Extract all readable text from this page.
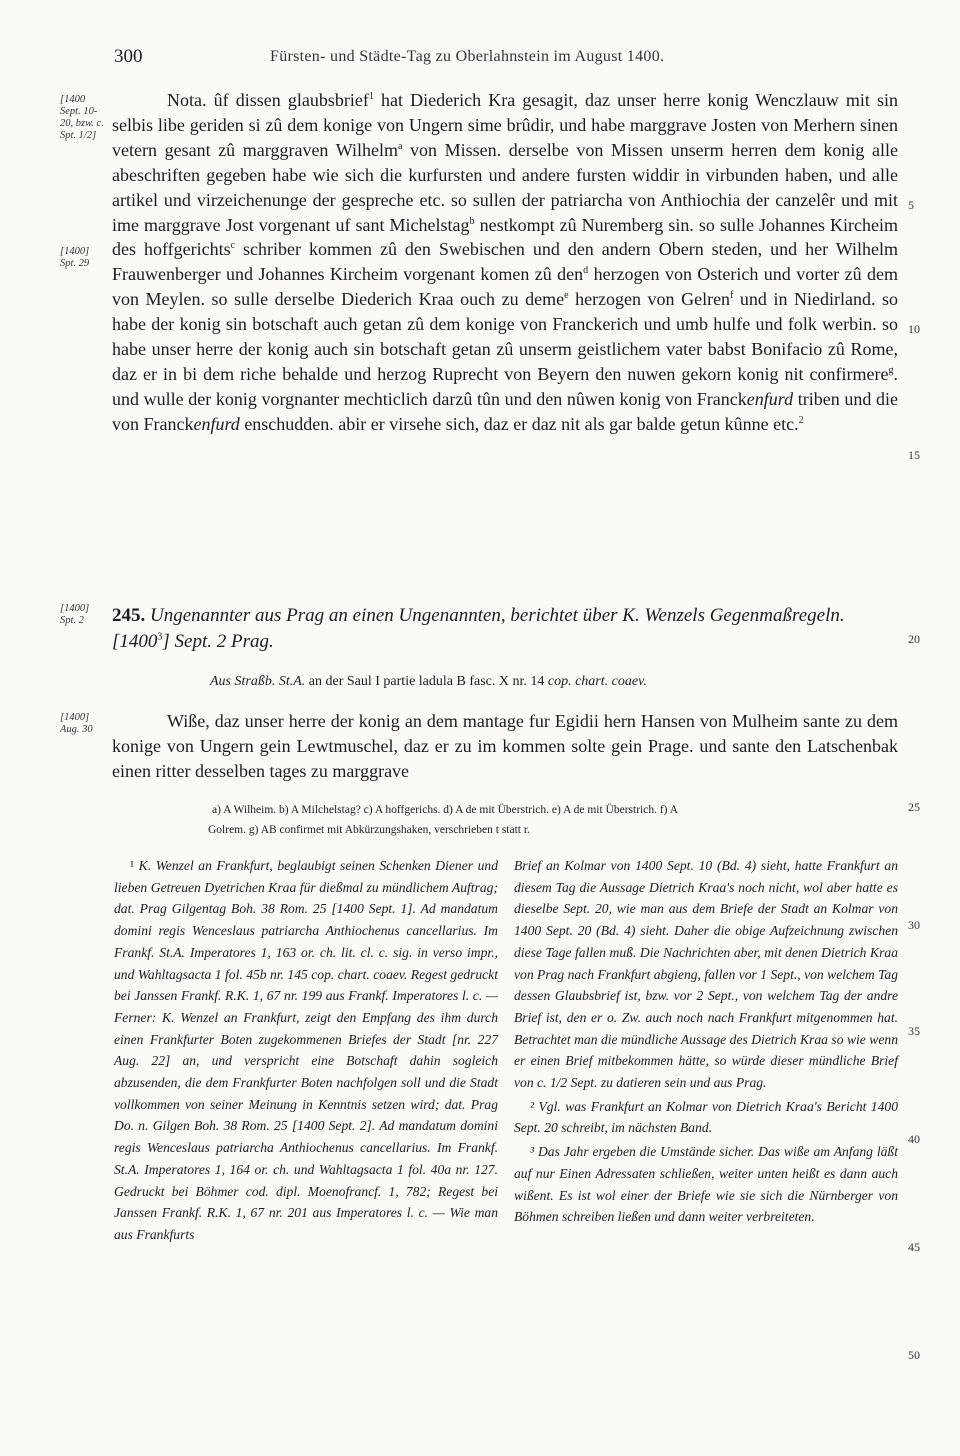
300	Fürsten- und Städte-Tag zu Oberlahnstein im August 1400.
[1400 Sept. 10-20, bzw. c. Spt. 1/2]
[1400] Spt. 29
[1400] Spt. 2
[1400] Aug. 30
5
10
15
20
25
30
35
40
45
50

Nota. ûf dissen glaubsbrief$^1$ hat Diederich Kra gesagit, daz unser herre konig Wenczlauw mit sin selbis libe geriden si zû dem konige von Ungern sime brûdir, und habe marggrave Josten von Merhern sinen vetern gesant zû marggraven Wilhelm$^a$ von Missen. derselbe von Missen unserm herren dem konig alle abeschriften gegeben habe wie sich die kurfursten und andere fursten widdir in virbunden haben, und alle artikel und virzeichenunge der gespreche etc. so sullen der patriarcha von Anthiochia der canzelêr und mit ime marggrave Jost vorgenant uf sant Michelstag$^b$ nestkompt zû Nuremberg sin. so sulle Johannes Kircheim des hoffgerichts$^c$ schriber kommen zû den Swebischen und den andern Obern steden, und her Wilhelm Frauwenberger und Johannes Kircheim vorgenant komen zû den$^d$ herzogen von Osterich und vorter zû dem von Meylen. so sulle derselbe Diederich Kraa ouch zu deme$^e$ herzogen von Gelren$^f$ und in Niedirland. so habe der konig sin botschaft auch getan zû dem konige von Franckerich und umb hulfe und folk werbin. so habe unser herre der konig auch sin botschaft getan zû unserm geistlichem vater babst Bonifacio zû Rome, daz er in bi dem riche behalde und herzog Ruprecht von Beyern den nuwen gekorn konig nit confirmere$^g$. und wulle der konig vorgnanter mechticlich darzû tûn und den nûwen konig von Franckenfurd triben und die von Franckenfurd enschudden. abir er virsehe sich, daz er daz nit als gar balde getun kûnne etc.$^2$

245. Ungenannter aus Prag an einen Ungenannten, berichtet über K. Wenzels Gegenmaßregeln. [1400$^3$] Sept. 2 Prag.
Aus Straßb. St.A. an der Saul I partie ladula B fasc. X nr. 14 cop. chart. coaev.

Wiße, daz unser herre der konig an dem mantage fur Egidii hern Hansen von Mulheim sante zu dem konige von Ungern gein Lewtmuschel, daz er zu im kommen solte gein Prage. und sante den Latschenbak einen ritter desselben tages zu marggrave

a) A Wilheim. b) A Milchelstag? c) A hoffgerichs. d) A de mit Überstrich. e) A de mit Überstrich. f) A
Golrem. g) AB confirmet mit Abkürzungshaken, verschrieben t statt r.

¹ K. Wenzel an Frankfurt, beglaubigt seinen Schenken Diener und lieben Getreuen Dyetrichen Kraa für dießmal zu mündlichem Auftrag; dat. Prag Gilgentag Boh. 38 Rom. 25 [1400 Sept. 1]. Ad mandatum domini regis Wenceslaus patriarcha Anthiochenus cancellarius. Im Frankf. St.A. Imperatores 1, 163 or. ch. lit. cl. c. sig. in verso impr., und Wahltagsacta 1 fol. 45b nr. 145 cop. chart. coaev. Regest gedruckt bei Janssen Frankf. R.K. 1, 67 nr. 199 aus Frankf. Imperatores l. c. — Ferner: K. Wenzel an Frankfurt, zeigt den Empfang des ihm durch einen Frankfurter Boten zugekommenen Briefes der Stadt [nr. 227 Aug. 22] an, und verspricht eine Botschaft dahin sogleich abzusenden, die dem Frankfurter Boten nachfolgen soll und die Stadt vollkommen von seiner Meinung in Kenntnis setzen wird; dat. Prag Do. n. Gilgen Boh. 38 Rom. 25 [1400 Sept. 2]. Ad mandatum domini regis Wenceslaus patriarcha Anthiochenus cancellarius. Im Frankf. St.A. Imperatores 1, 164 or. ch. und Wahltagsacta 1 fol. 40a nr. 127. Gedruckt bei Böhmer cod. dipl. Moenofrancf. 1, 782; Regest bei Janssen Frankf. R.K. 1, 67 nr. 201 aus Imperatores l. c. — Wie man aus Frankfurts

Brief an Kolmar von 1400 Sept. 10 (Bd. 4) sieht, hatte Frankfurt an diesem Tag die Aussage Dietrich Kraa's noch nicht, wol aber hatte es dieselbe Sept. 20, wie man aus dem Briefe der Stadt an Kolmar von 1400 Sept. 20 (Bd. 4) sieht. Daher die obige Aufzeichnung zwischen diese Tage fallen muß. Die Nachrichten aber, mit denen Dietrich Kraa von Prag nach Frankfurt abgieng, fallen vor 1 Sept., von welchem Tag dessen Glaubsbrief ist, bzw. vor 2 Sept., von welchem Tag der andre Brief ist, den er o. Zw. auch noch nach Frankfurt mitgenommen hat. Betrachtet man die mündliche Aussage des Dietrich Kraa so wie wenn er einen Brief mitbekommen hätte, so würde dieser mündliche Brief von c. 1/2 Sept. zu datieren sein und aus Prag.

² Vgl. was Frankfurt an Kolmar von Dietrich Kraa's Bericht 1400 Sept. 20 schreibt, im nächsten Band.

³ Das Jahr ergeben die Umstände sicher. Das wiße am Anfang läßt auf nur Einen Adressaten schließen, weiter unten heißt es dann auch wißent. Es ist wol einer der Briefe wie sie sich die Nürnberger von Böhmen schreiben ließen und dann weiter verbreiteten.
